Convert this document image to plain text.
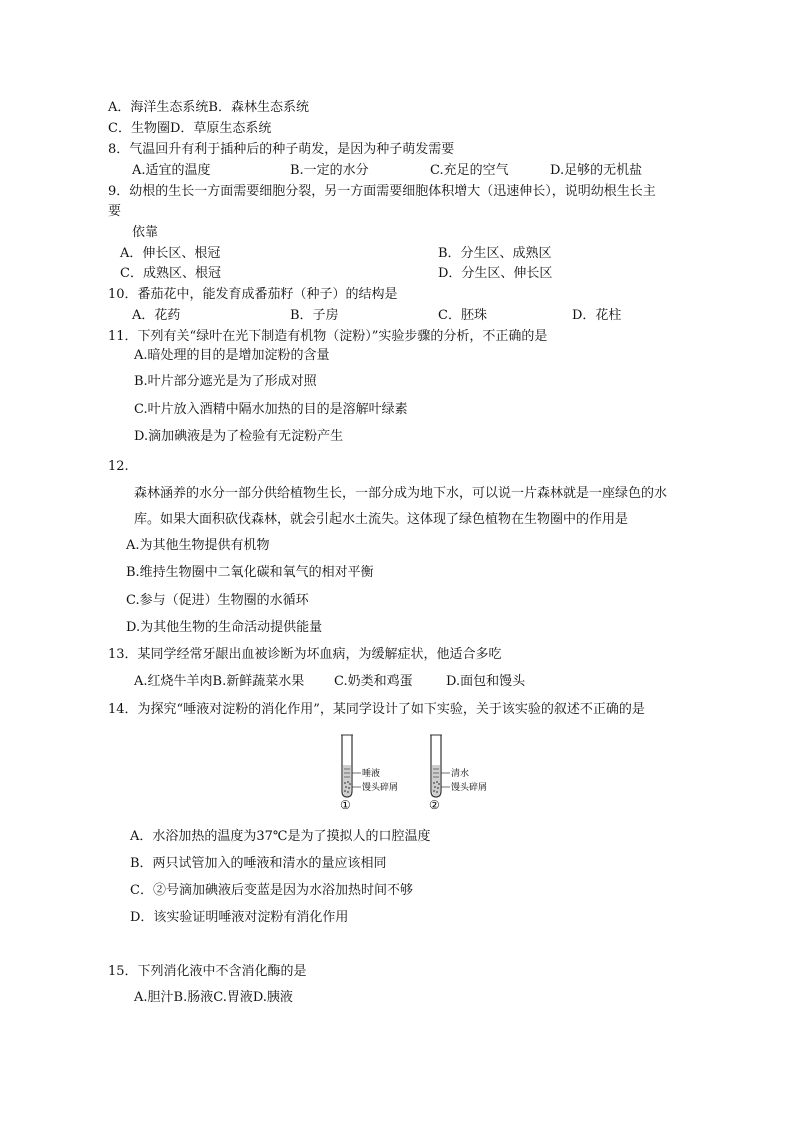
A．海洋生态系统B．森林生态系统
C．生物圈D．草原生态系统
8．气温回升有利于插种后的种子萌发，是因为种子萌发需要
A.适宜的温度	B.一定的水分	C.充足的空气	D.足够的无机盐
9．幼根的生长一方面需要细胞分裂，另一方面需要细胞体积增大（迅速伸长），说明幼根生长主
要
依靠
A．伸长区、根冠	B．分生区、成熟区
C．成熟区、根冠	D．分生区、伸长区
10．番茄花中，能发育成番茄籽（种子）的结构是
A．花药	B．子房	C．胚珠	D．花柱
11．下列有关“绿叶在光下制造有机物（淀粉）”实验步骤的分析，不正确的是
A.暗处理的目的是增加淀粉的含量
B.叶片部分遮光是为了形成对照
C.叶片放入酒精中隔水加热的目的是溶解叶绿素
D.滴加碘液是为了检验有无淀粉产生
12.
森林涵养的水分一部分供给植物生长，一部分成为地下水，可以说一片森林就是一座绿色的水
库。如果大面积砍伐森林，就会引起水土流失。这体现了绿色植物在生物圈中的作用是
A.为其他生物提供有机物
B.维持生物圈中二氧化碳和氧气的相对平衡
C.参与（促进）生物圈的水循环
D.为其他生物的生命活动提供能量
13．某同学经常牙龈出血被诊断为坏血病，为缓解症状，他适合多吃
A.红烧牛羊肉B.新鲜蔬菜水果 C.奶类和鸡蛋	D.面包和馒头
14．为探究“唾液对淀粉的消化作用”，某同学设计了如下实验，关于该实验的叙述不正确的是
唾液
馒头碎屑
①
清水
馒头碎屑
②
A．水浴加热的温度为37℃是为了摸拟人的口腔温度
B．两只试管加入的唾液和清水的量应该相同
C．②号滴加碘液后变蓝是因为水浴加热时间不够
D．该实验证明唾液对淀粉有消化作用
15．下列消化液中不含消化酶的是
A.胆汁B.肠液C.胃液D.胰液
